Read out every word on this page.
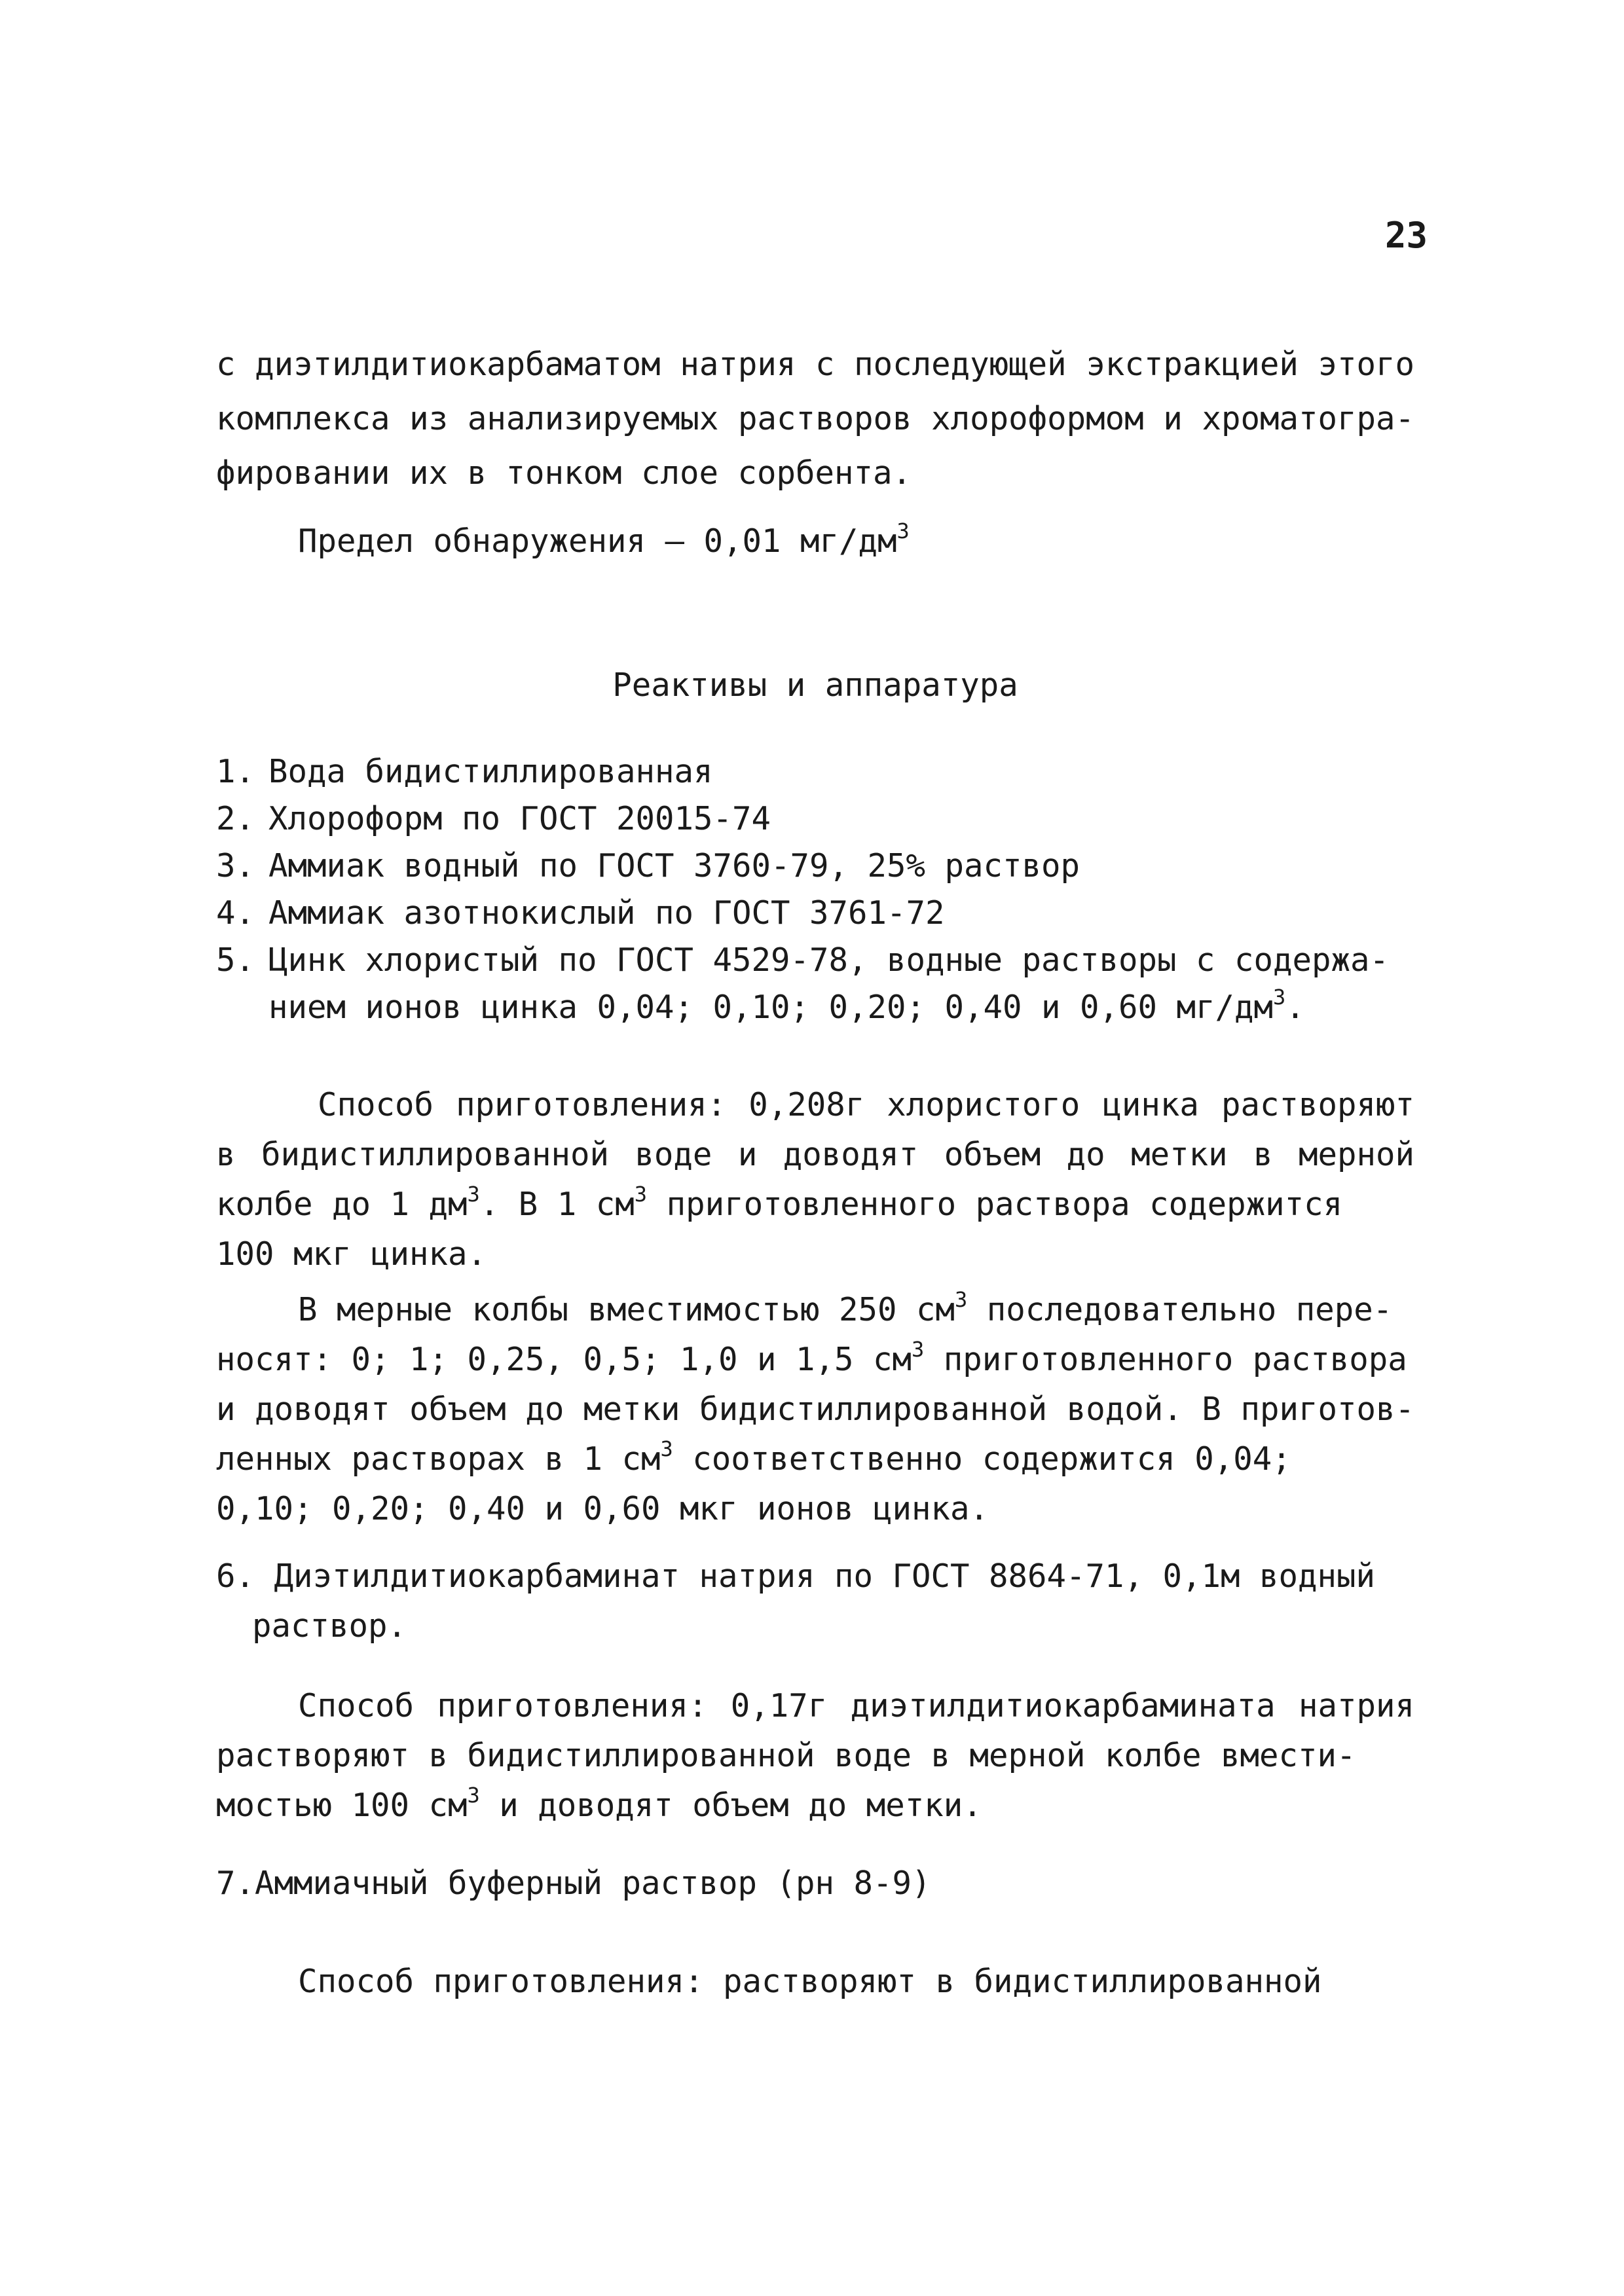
23
с диэтилдитиокарбаматом натрия с последующей экстракцией этого
комплекса из анализируемых растворов хлороформом и хроматогра-
фировании их в тонком слое сорбента.
Предел обнаружения – 0,01 $мг/дм^3$
Реактивы и аппаратура
1. Вода бидистиллированная
2. Хлороформ по ГОСТ 20015-74
3. Аммиак водный по ГОСТ 3760-79, 25% раствор
4. Аммиак азотнокислый по ГОСТ 3761-72
5. Цинк хлористый по ГОСТ 4529-78, водные растворы с содержа-
нием ионов цинка 0,04; 0,10; 0,20; 0,40 и 0,60 $мг/дм^3$.
Способ приготовления: 0,208г хлористого цинка растворяют
в бидистиллированной воде и доводят объем до метки в мерной
колбе до 1 $дм^3$. В 1 $см^3$ приготовленного раствора содержится
100 мкг цинка.
В мерные колбы вместимостью 250 $см^3$ последовательно пере-
носят: 0; 1; 0,25, 0,5; 1,0 и 1,5 $см^3$ приготовленного раствора
и доводят объем до метки бидистиллированной водой. В приготов-
ленных растворах в 1 $см^3$ соответственно содержится 0,04;
0,10; 0,20; 0,40 и 0,60 мкг ионов цинка.
6. Диэтилдитиокарбаминат натрия по ГОСТ 8864-71, 0,1м водный
раствор.
Способ приготовления: 0,17г диэтилдитиокарбамината натрия
растворяют в бидистиллированной воде в мерной колбе вмести-
мостью 100 $см^3$ и доводят объем до метки.
7.Аммиачный буферный раствор (рн 8-9)
Способ приготовления: растворяют в бидистиллированной
